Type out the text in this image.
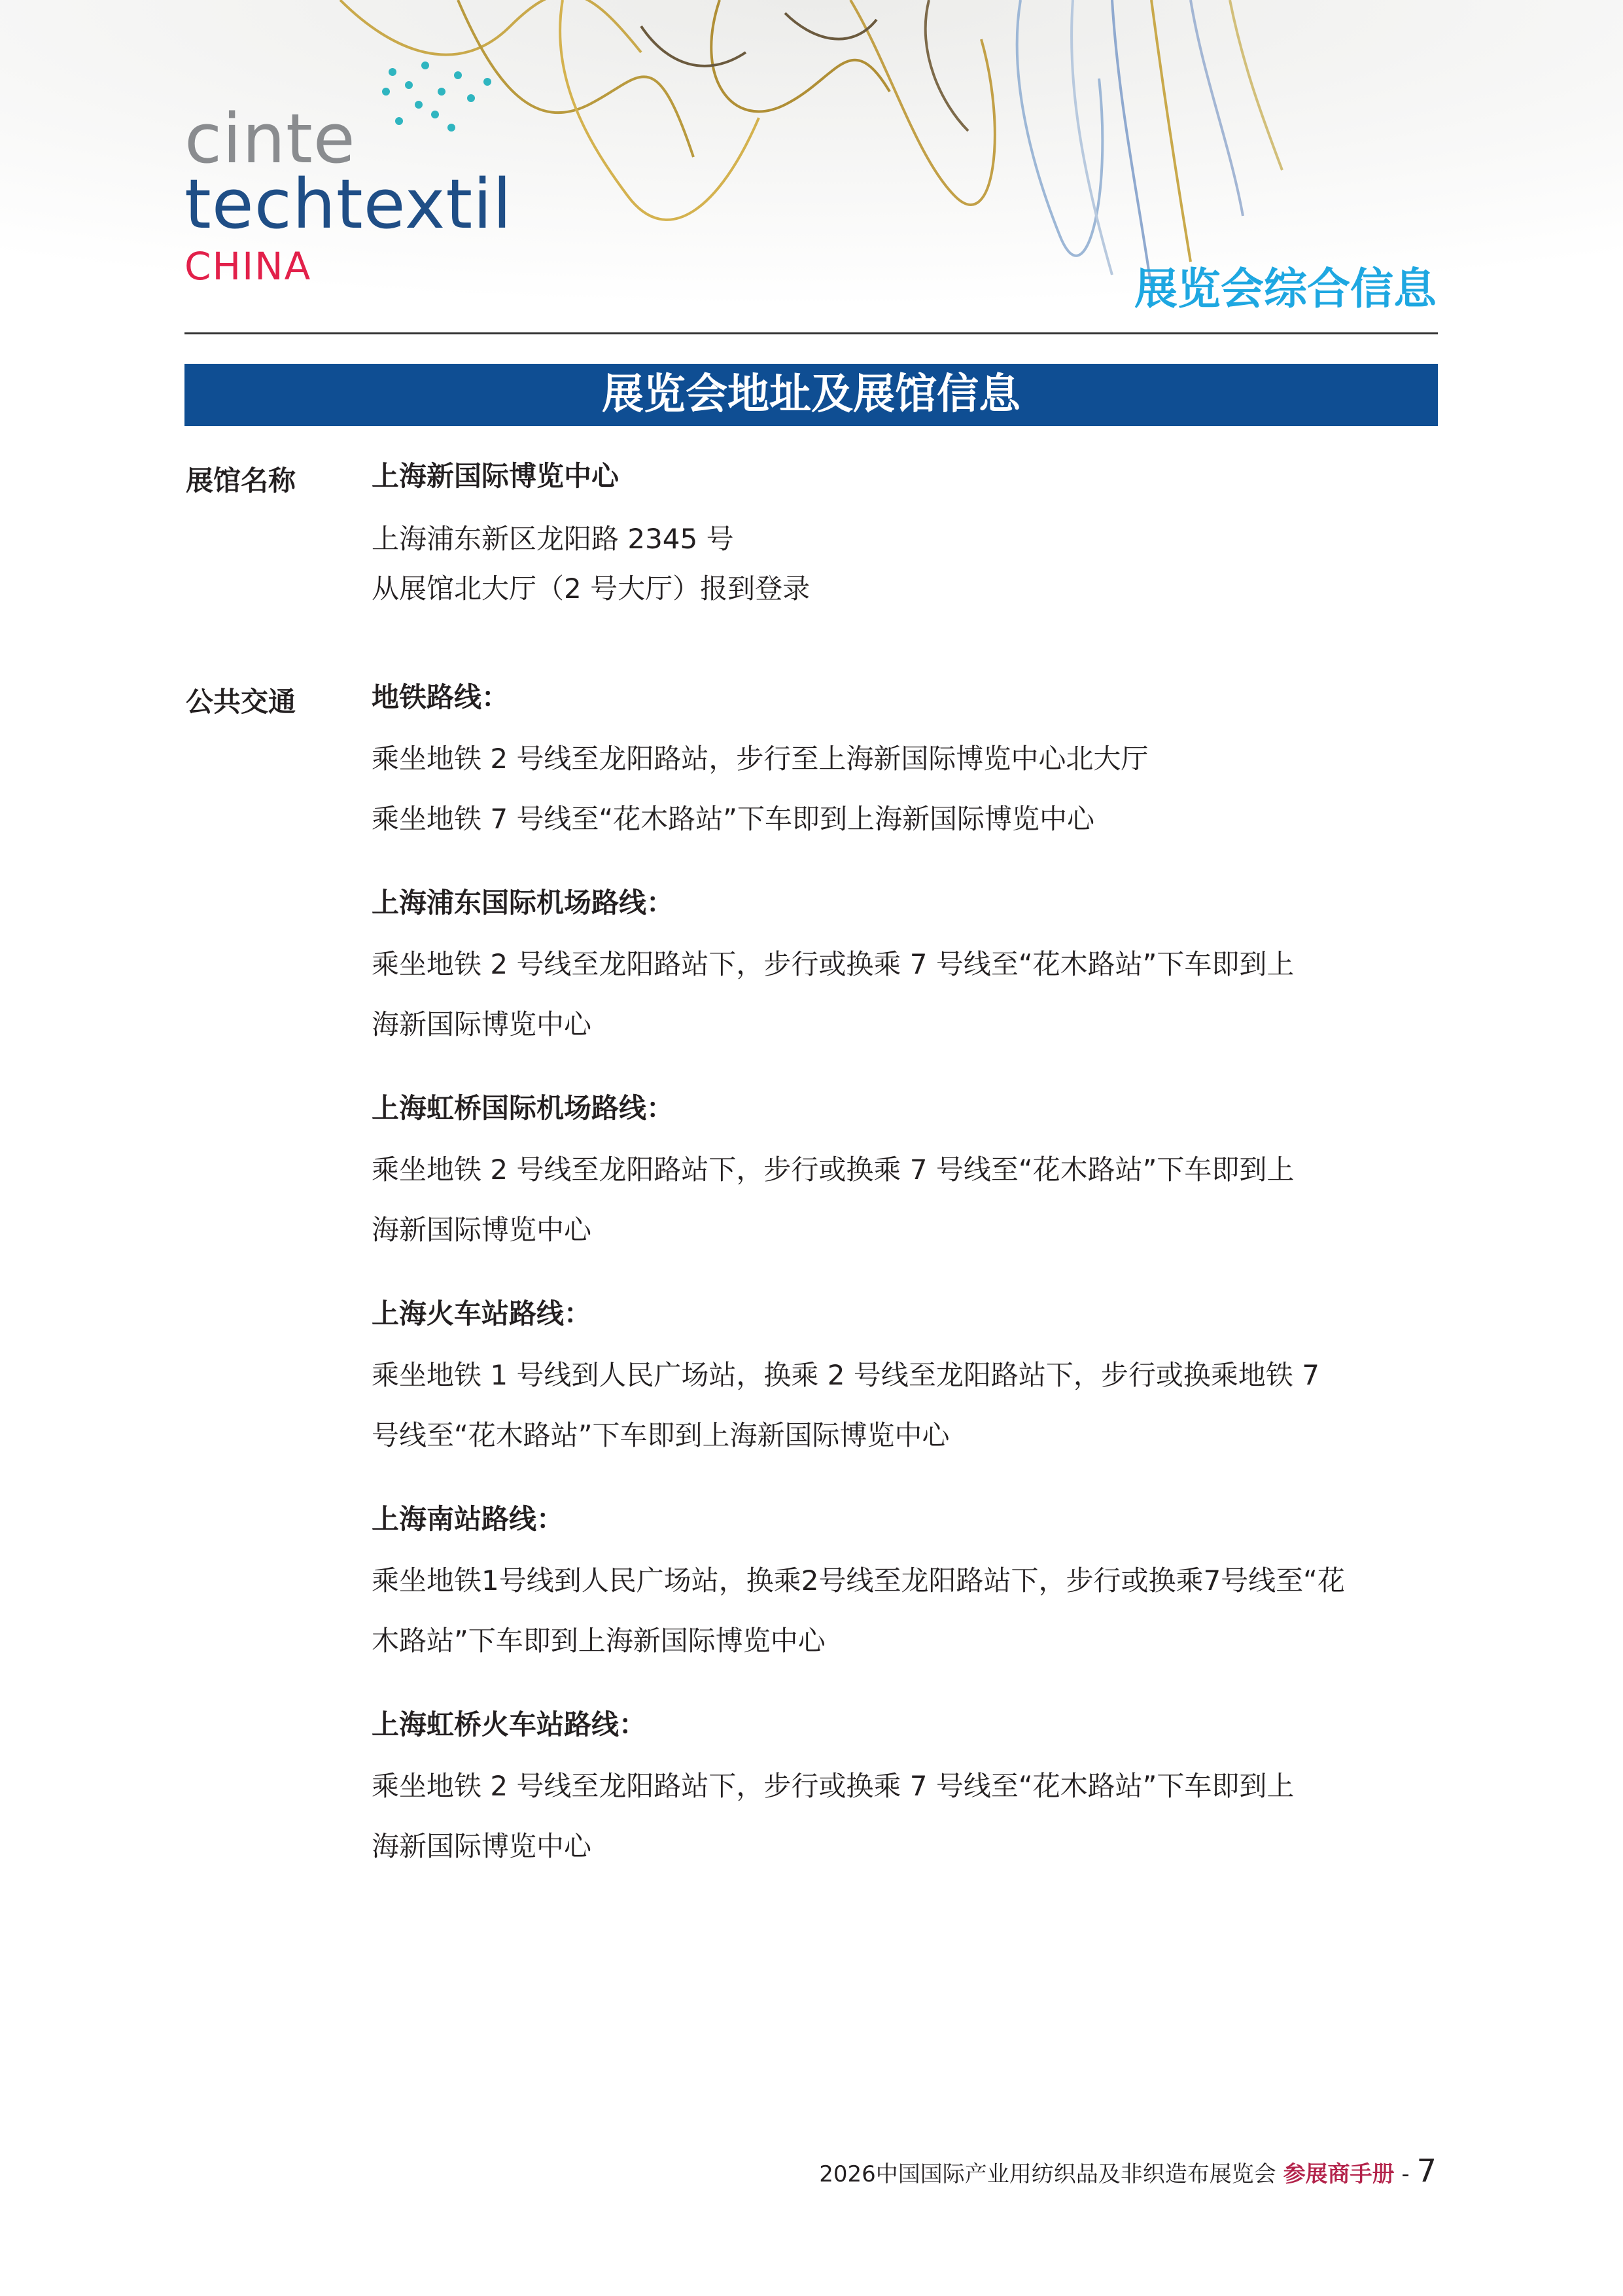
cinte
techtextil
CHINA	展览会综合信息
展览会地址及展馆信息
展馆名称	上海新国际博览中心
上海浦东新区龙阳路 2345 号
从展馆北大厅（2 号大厅）报到登录
公共交通	地铁路线：
乘坐地铁 2 号线至龙阳路站，步行至上海新国际博览中心北大厅
乘坐地铁 7 号线至“花木路站”下车即到上海新国际博览中心
上海浦东国际机场路线：
乘坐地铁 2 号线至龙阳路站下，步行或换乘 7 号线至“花木路站”下车即到上
海新国际博览中心
上海虹桥国际机场路线：
乘坐地铁 2 号线至龙阳路站下，步行或换乘 7 号线至“花木路站”下车即到上
海新国际博览中心
上海火车站路线：
乘坐地铁 1 号线到人民广场站，换乘 2 号线至龙阳路站下，步行或换乘地铁 7
号线至“花木路站”下车即到上海新国际博览中心
上海南站路线：
乘坐地铁1号线到人民广场站，换乘2号线至龙阳路站下，步行或换乘7号线至“花
木路站”下车即到上海新国际博览中心
上海虹桥火车站路线：
乘坐地铁 2 号线至龙阳路站下，步行或换乘 7 号线至“花木路站”下车即到上
海新国际博览中心
2026中国国际产业用纺织品及非织造布展览会 参展商手册 - 7
